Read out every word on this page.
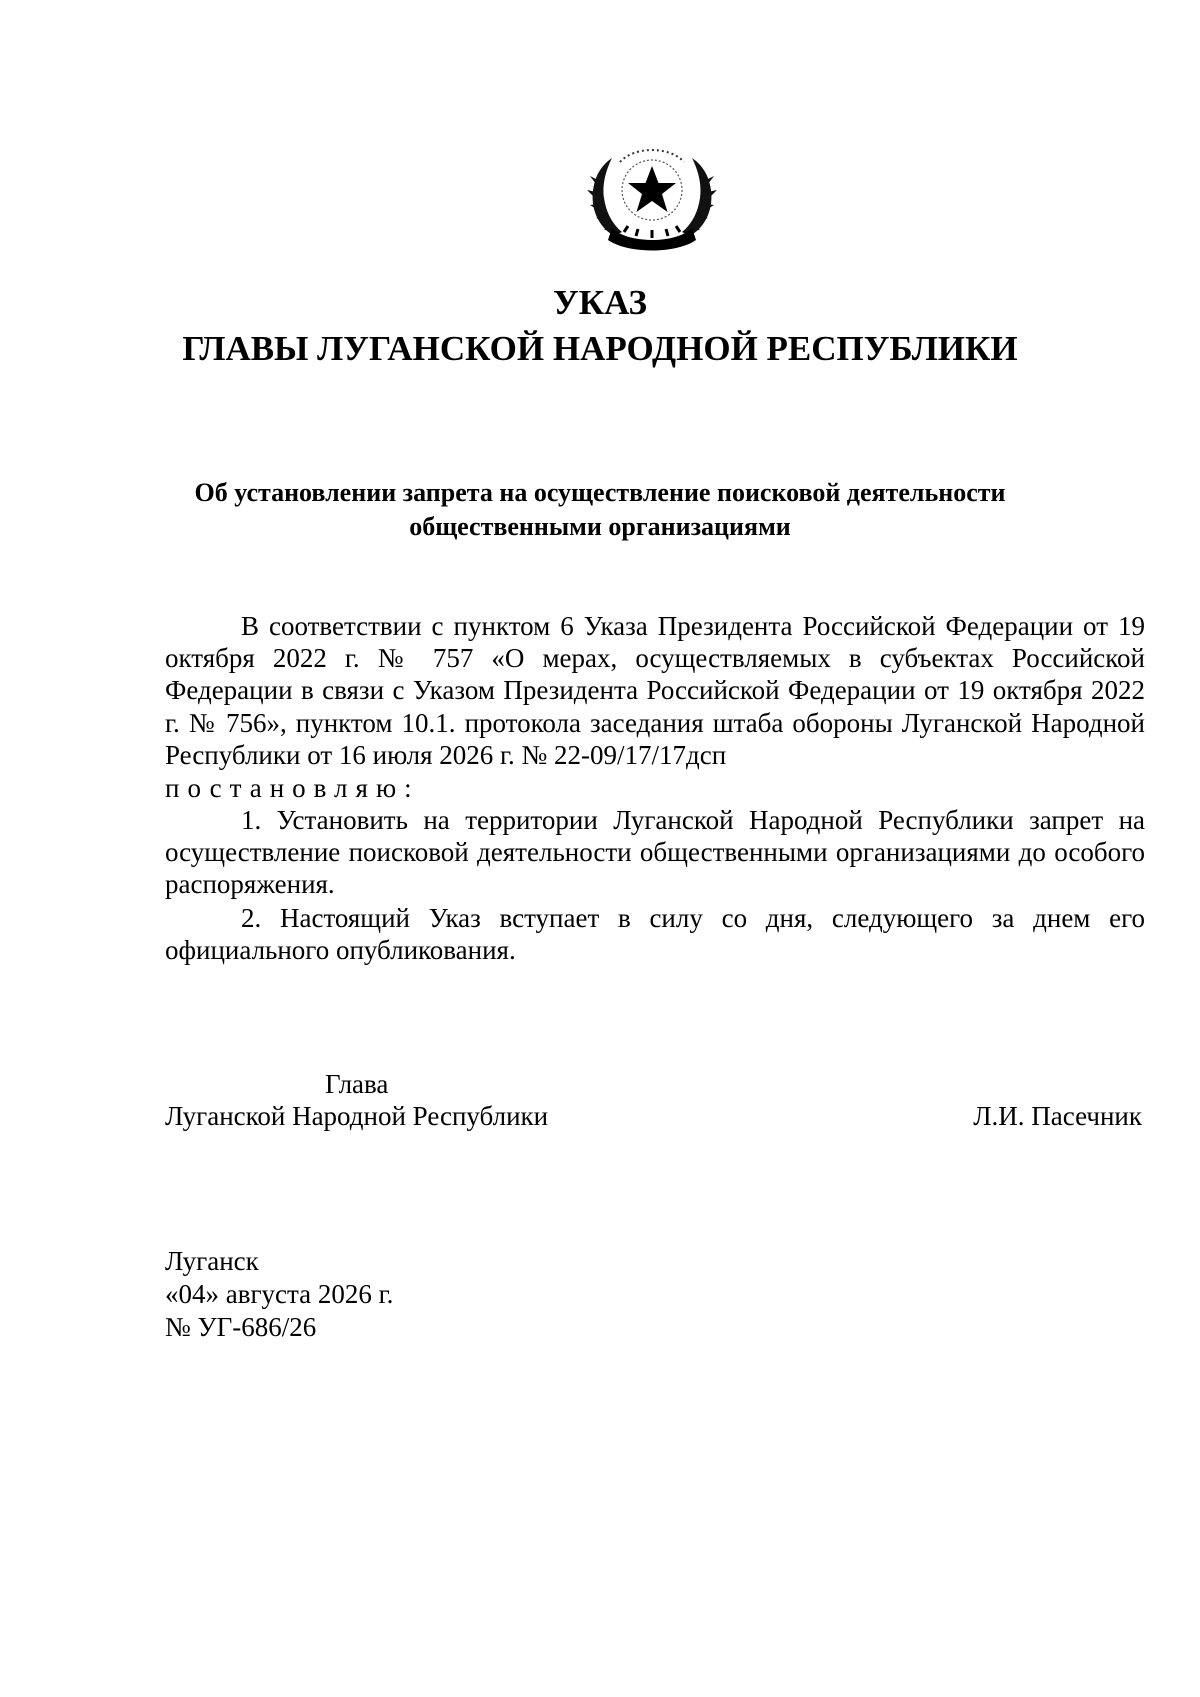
УКАЗ
ГЛАВЫ ЛУГАНСКОЙ НАРОДНОЙ РЕСПУБЛИКИ
Об установлении запрета на осуществление поисковой деятельности
общественными организациями
В соответствии с пунктом 6 Указа Президента Российской Федерации от 19 октября 2022 г. № 757 «О мерах, осуществляемых в субъектах Российской Федерации в связи с Указом Президента Российской Федерации от 19 октября 2022 г. № 756», пунктом 10.1. протокола заседания штаба обороны Луганской Народной Республики от 16 июля 2026 г. № 22-09/17/17дсп
постановляю:
1. Установить на территории Луганской Народной Республики запрет на осуществление поисковой деятельности общественными организациями до особого распоряжения.
2. Настоящий Указ вступает в силу со дня, следующего за днем его официального опубликования.
Глава
Луганской Народной Республики	Л.И. Пасечник
Луганск
«04» августа 2026 г.
№ УГ-686/26
